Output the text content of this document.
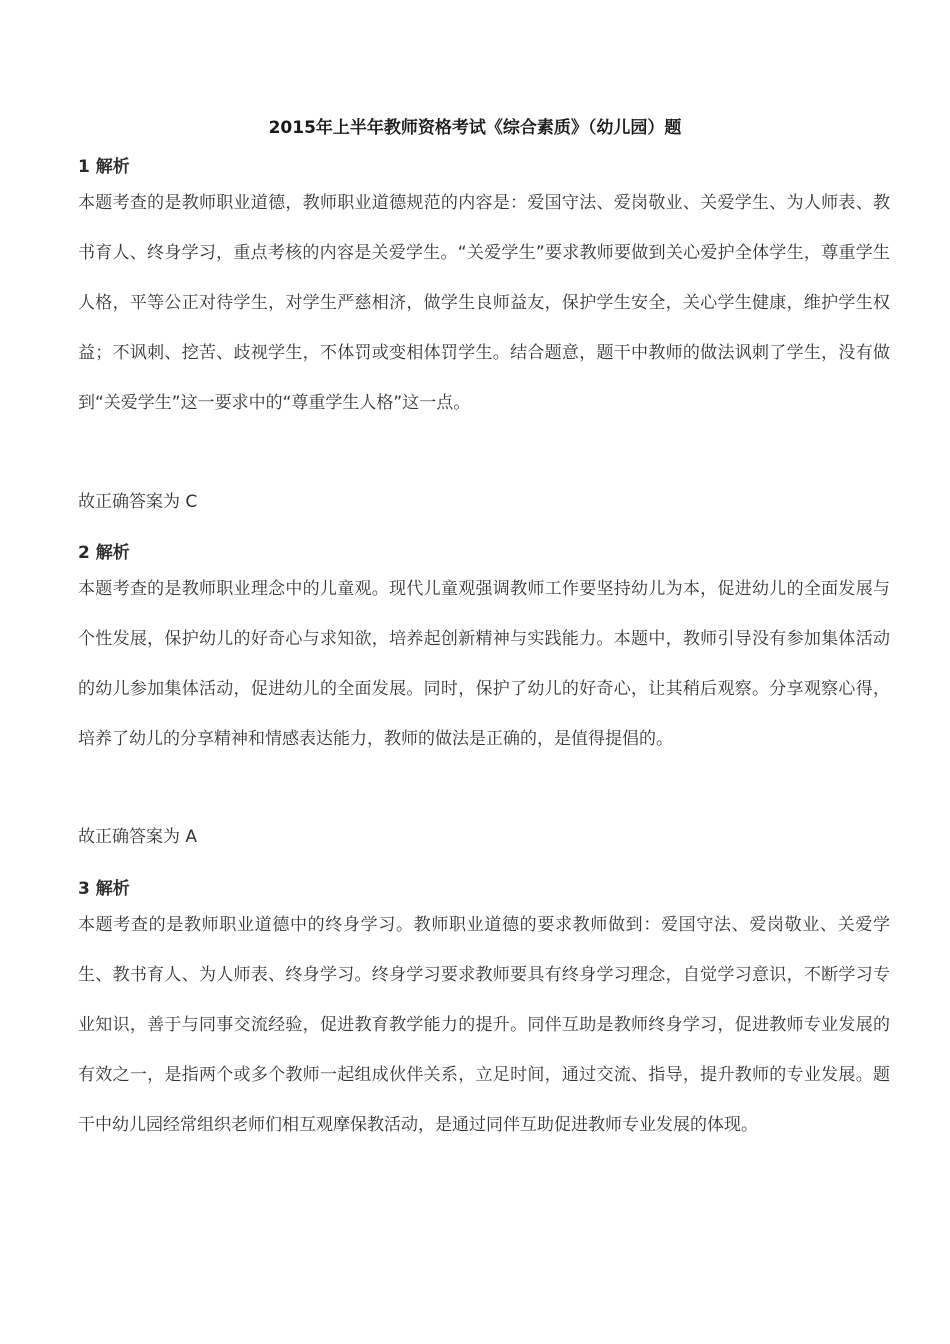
2015年上半年教师资格考试《综合素质》（幼儿园）题

1 解析

本题考查的是教师职业道德，教师职业道德规范的内容是：爱国守法、爱岗敬业、关爱学生、为人师表、教书育人、终身学习，重点考核的内容是关爱学生。“关爱学生”要求教师要做到关心爱护全体学生，尊重学生人格，平等公正对待学生，对学生严慈相济，做学生良师益友，保护学生安全，关心学生健康，维护学生权益；不讽刺、挖苦、歧视学生，不体罚或变相体罚学生。结合题意，题干中教师的做法讽刺了学生，没有做到“关爱学生”这一要求中的“尊重学生人格”这一点。

故正确答案为 C

2 解析

本题考查的是教师职业理念中的儿童观。现代儿童观强调教师工作要坚持幼儿为本，促进幼儿的全面发展与个性发展，保护幼儿的好奇心与求知欲，培养起创新精神与实践能力。本题中，教师引导没有参加集体活动的幼儿参加集体活动，促进幼儿的全面发展。同时，保护了幼儿的好奇心，让其稍后观察。分享观察心得，培养了幼儿的分享精神和情感表达能力，教师的做法是正确的，是值得提倡的。

故正确答案为 A

3 解析

本题考查的是教师职业道德中的终身学习。教师职业道德的要求教师做到：爱国守法、爱岗敬业、关爱学生、教书育人、为人师表、终身学习。终身学习要求教师要具有终身学习理念，自觉学习意识，不断学习专业知识，善于与同事交流经验，促进教育教学能力的提升。同伴互助是教师终身学习，促进教师专业发展的有效之一，是指两个或多个教师一起组成伙伴关系，立足时间，通过交流、指导，提升教师的专业发展。题干中幼儿园经常组织老师们相互观摩保教活动，是通过同伴互助促进教师专业发展的体现。
